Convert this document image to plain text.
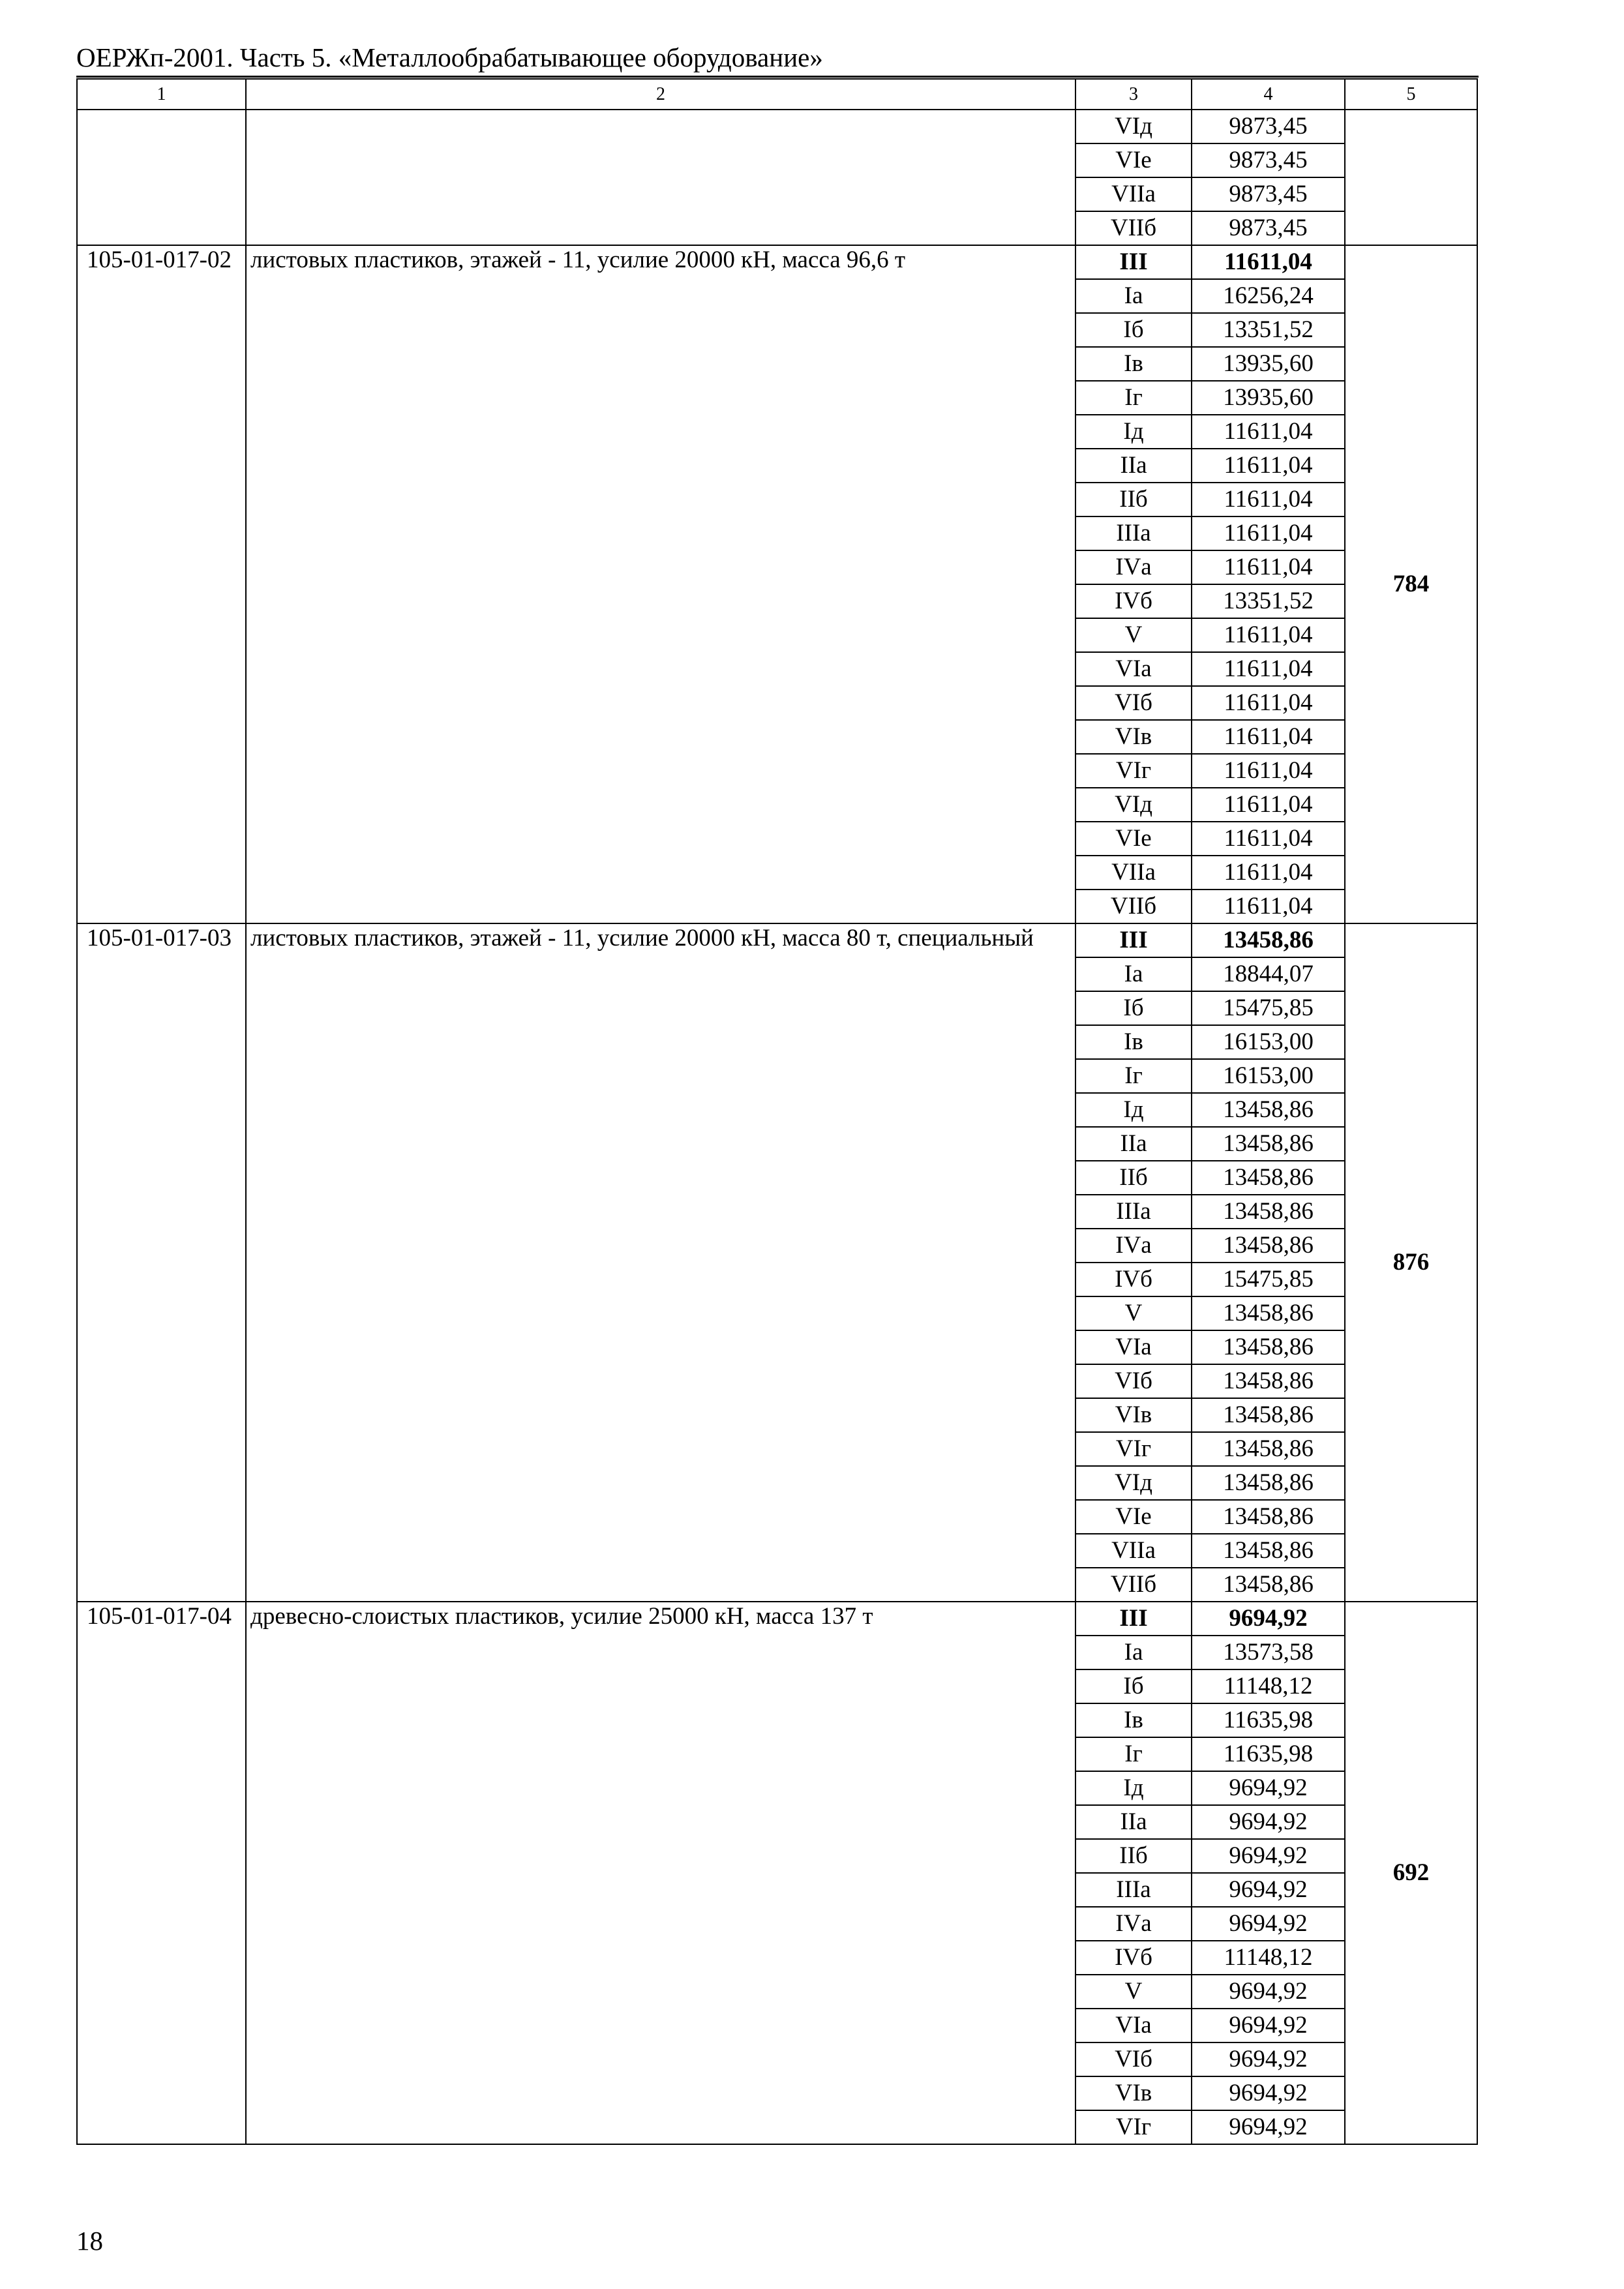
ОЕРЖп-2001. Часть 5. «Металлообрабатывающее оборудование»
1	2	3	4	5
		VIд	9873,45	
		VIе	9873,45	
		VIIа	9873,45	
		VIIб	9873,45	
105-01-017-02	листовых пластиков, этажей - 11, усилие 20000 кН, масса 96,6 т	III	11611,04	784
		Iа	16256,24	
		Iб	13351,52	
		Iв	13935,60	
		Iг	13935,60	
		Iд	11611,04	
		IIа	11611,04	
		IIб	11611,04	
		IIIа	11611,04	
		IVа	11611,04	
		IVб	13351,52	
		V	11611,04	
		VIа	11611,04	
		VIб	11611,04	
		VIв	11611,04	
		VIг	11611,04	
		VIд	11611,04	
		VIе	11611,04	
		VIIа	11611,04	
		VIIб	11611,04	
105-01-017-03	листовых пластиков, этажей - 11, усилие 20000 кН, масса 80 т, специальный	III	13458,86	876
		Iа	18844,07	
		Iб	15475,85	
		Iв	16153,00	
		Iг	16153,00	
		Iд	13458,86	
		IIа	13458,86	
		IIб	13458,86	
		IIIа	13458,86	
		IVа	13458,86	
		IVб	15475,85	
		V	13458,86	
		VIа	13458,86	
		VIб	13458,86	
		VIв	13458,86	
		VIг	13458,86	
		VIд	13458,86	
		VIе	13458,86	
		VIIа	13458,86	
		VIIб	13458,86	
105-01-017-04	древесно-слоистых пластиков, усилие 25000 кН, масса 137 т	III	9694,92	692
		Iа	13573,58	
		Iб	11148,12	
		Iв	11635,98	
		Iг	11635,98	
		Iд	9694,92	
		IIа	9694,92	
		IIб	9694,92	
		IIIа	9694,92	
		IVа	9694,92	
		IVб	11148,12	
		V	9694,92	
		VIа	9694,92	
		VIб	9694,92	
		VIв	9694,92	
		VIг	9694,92	
18
